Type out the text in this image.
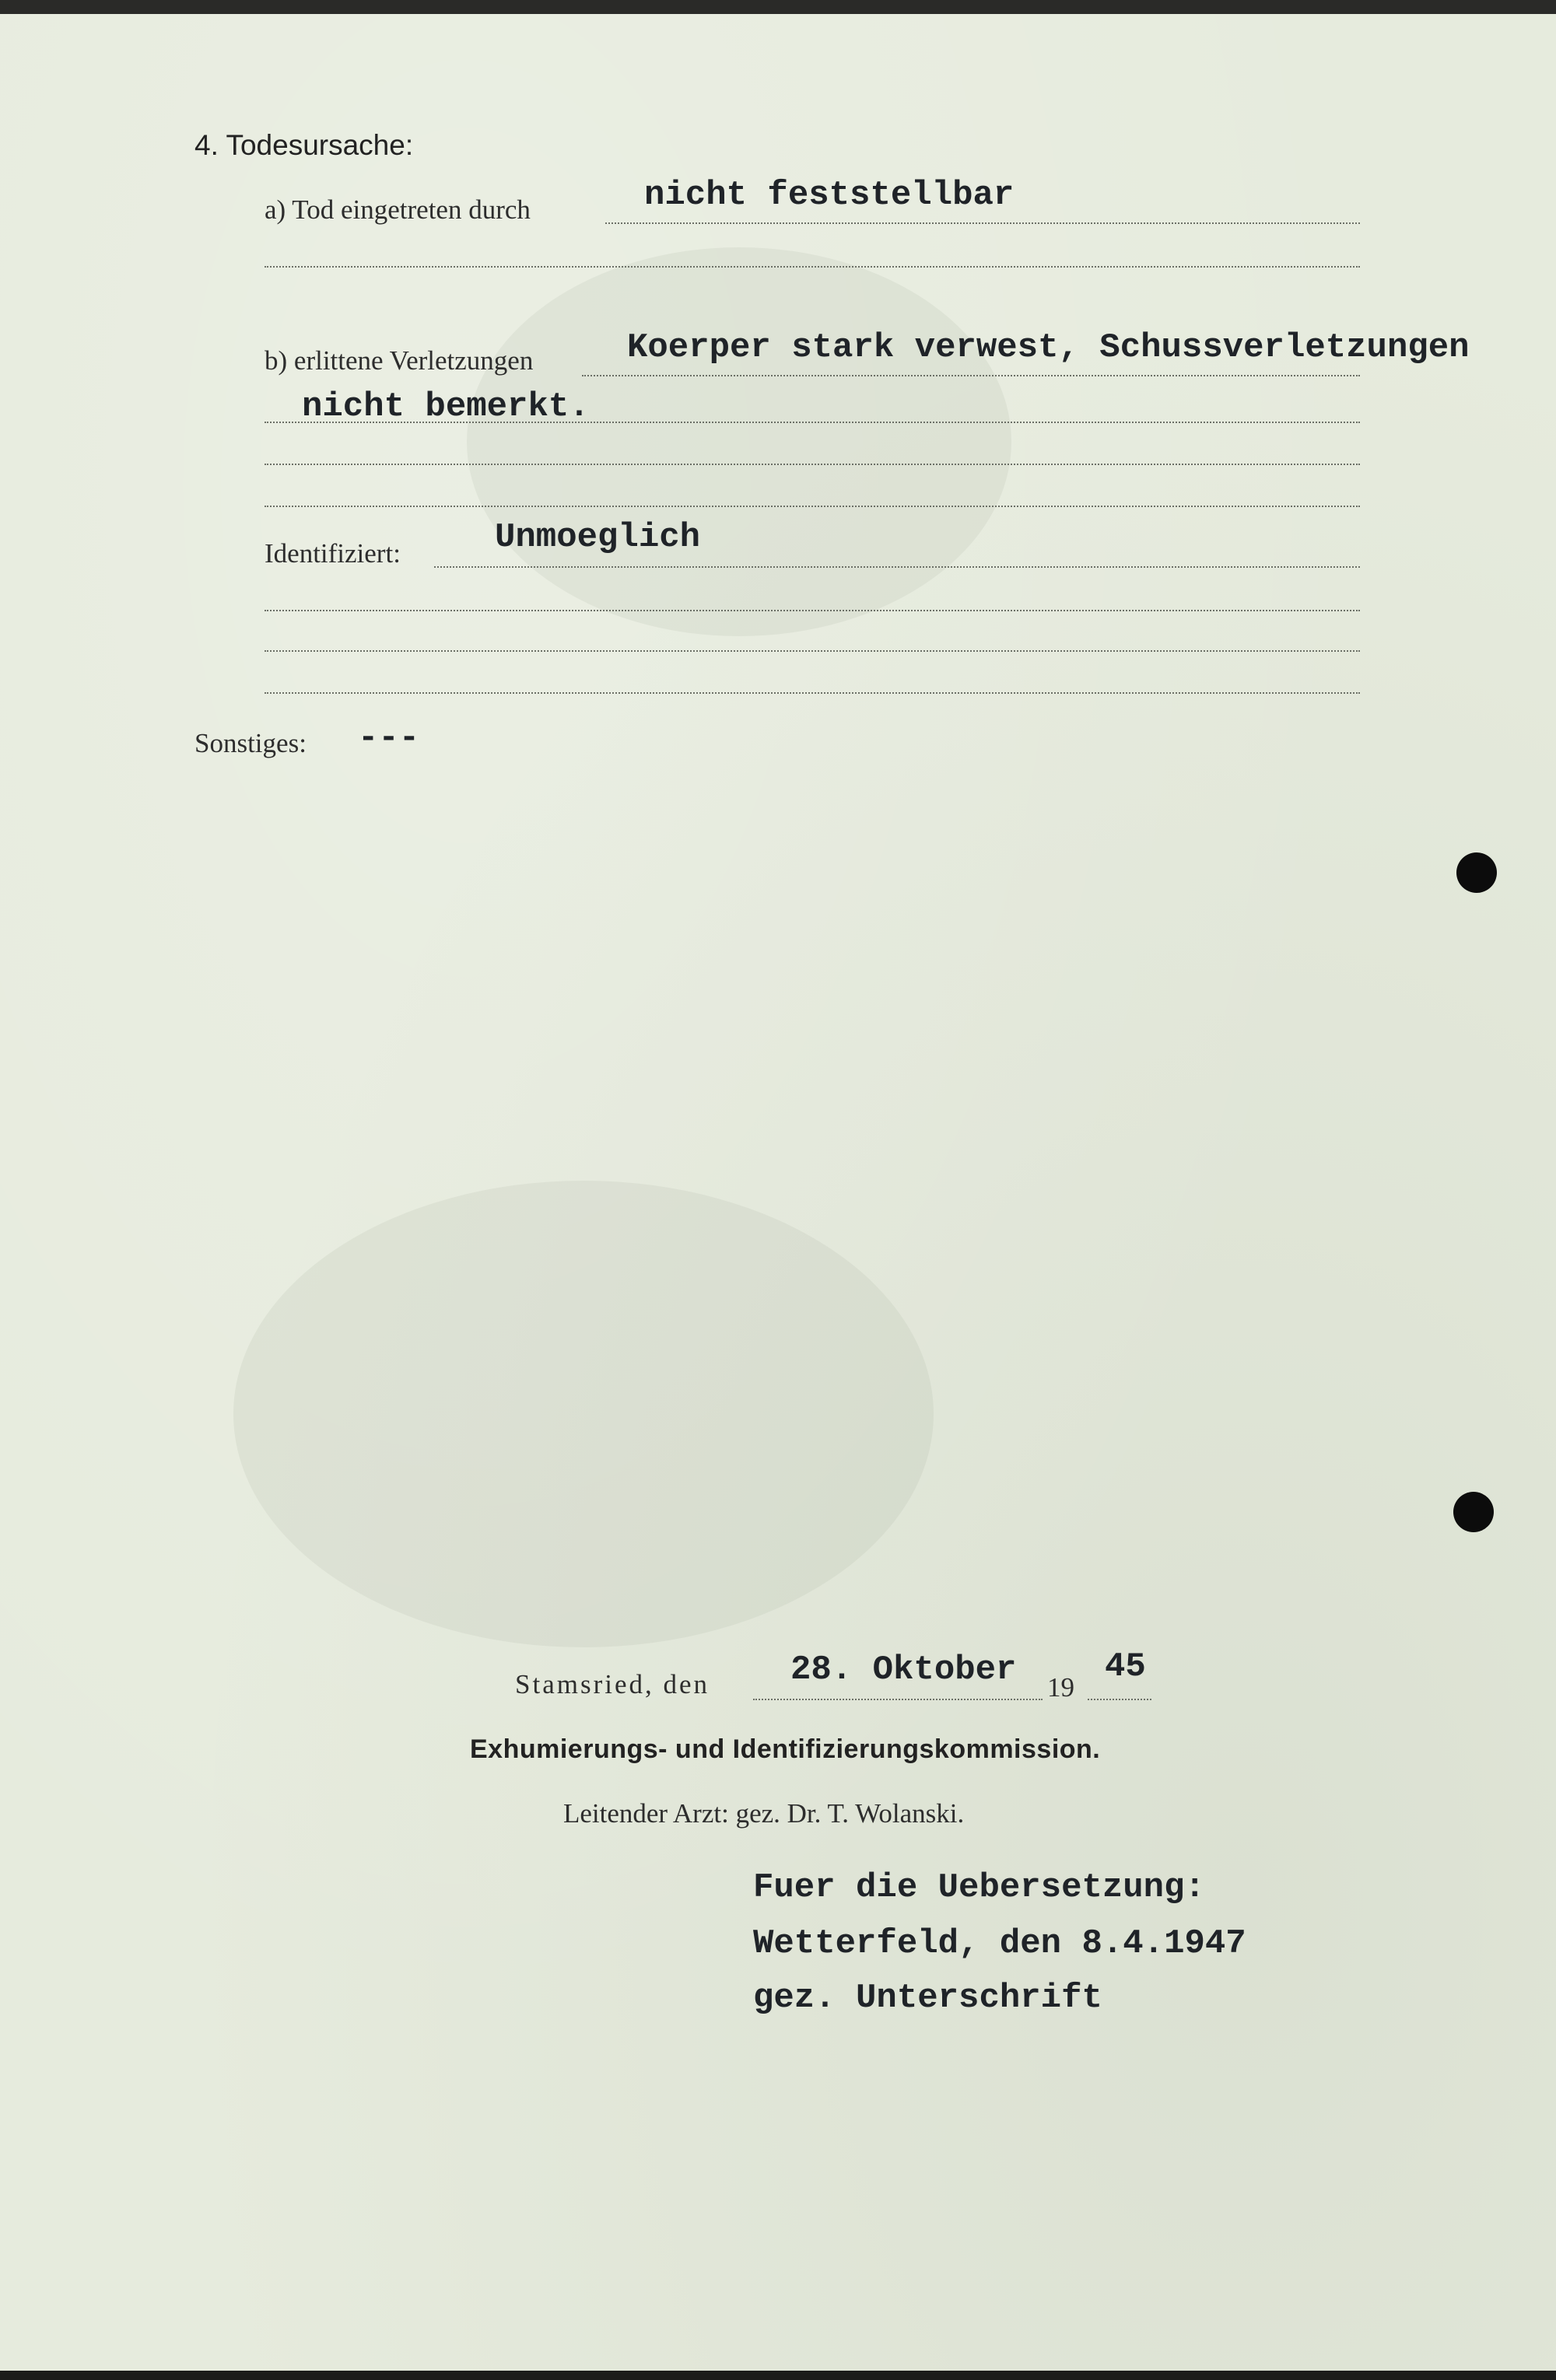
4. Todesursache:
a) Tod eingetreten durch	nicht feststellbar
b) erlittene Verletzungen	Koerper stark verwest, Schussverletzungen
nicht bemerkt.
Identifiziert:	Unmoeglich
Sonstiges: ---
Stamsried, den 28. Oktober 19
45
Exhumierungs- und Identifizierungskommission.
Leitender Arzt: gez. Dr. T. Wolanski.
Fuer die Uebersetzung:
Wetterfeld, den 8.4.1947
gez. Unterschrift
